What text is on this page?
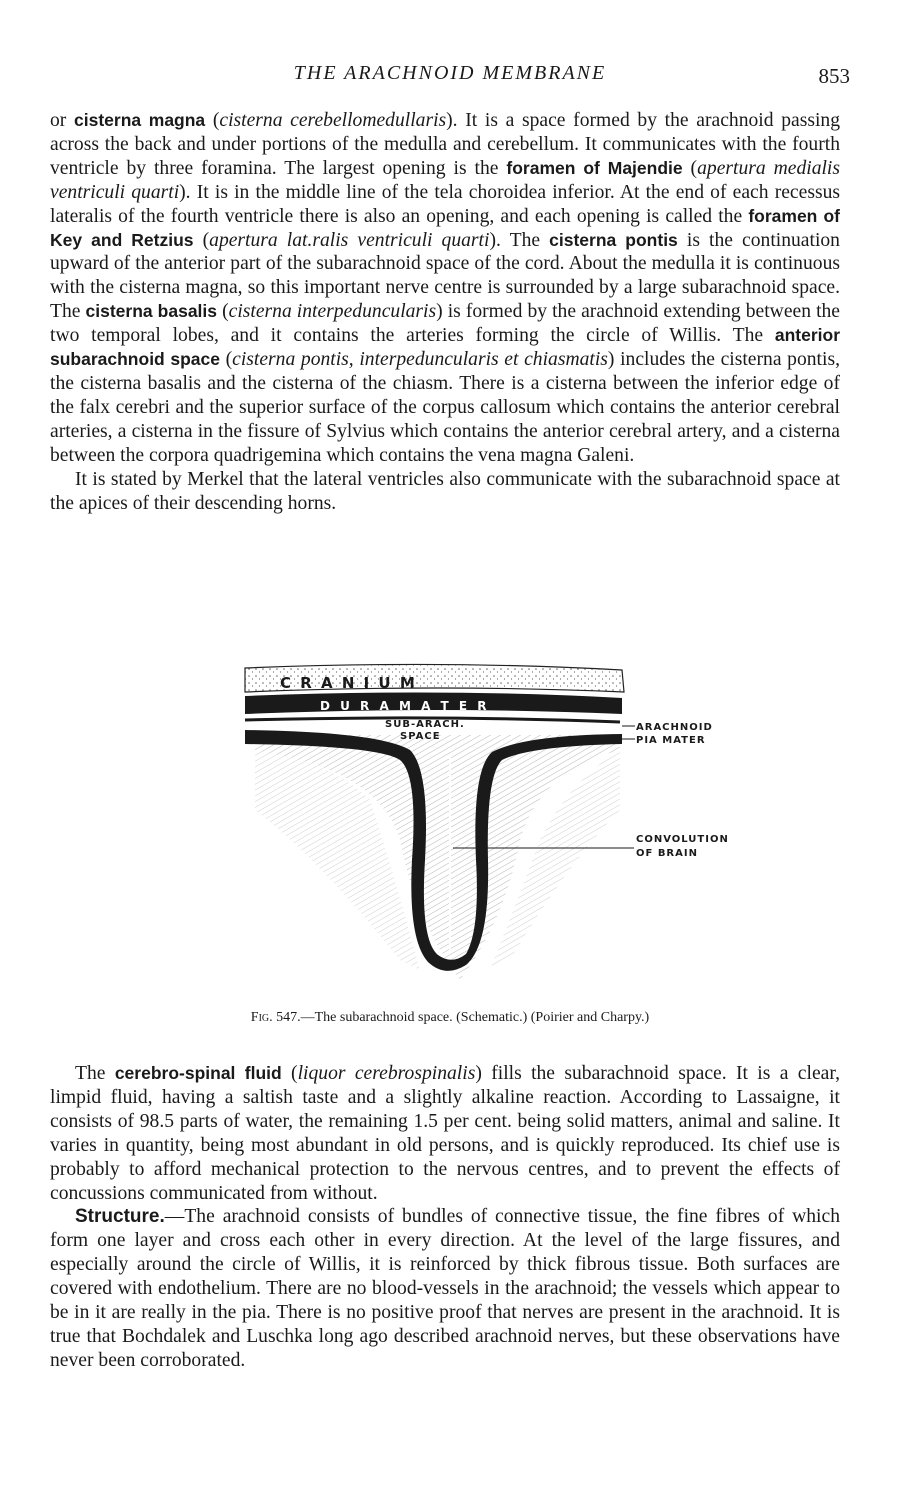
THE ARACHNOID MEMBRANE	853

or cisterna magna (cisterna cerebellomedullaris). It is a space formed by the arachnoid passing across the back and under portions of the medulla and cerebellum. It communicates with the fourth ventricle by three foramina. The largest opening is the foramen of Majendie (apertura medialis ventriculi quarti). It is in the middle line of the tela choroidea inferior. At the end of each recessus lateralis of the fourth ventricle there is also an opening, and each opening is called the foramen of Key and Retzius (apertura lat.ralis ventriculi quarti). The cisterna pontis is the continuation upward of the anterior part of the subarachnoid space of the cord. About the medulla it is continuous with the cisterna magna, so this important nerve centre is surrounded by a large subarachnoid space. The cisterna basalis (cisterna interpeduncularis) is formed by the arachnoid extending between the two temporal lobes, and it contains the arteries forming the circle of Willis. The anterior subarachnoid space (cisterna pontis, interpeduncularis et chiasmatis) includes the cisterna pontis, the cisterna basalis and the cisterna of the chiasm. There is a cisterna between the inferior edge of the falx cerebri and the superior surface of the corpus callosum which contains the anterior cerebral arteries, a cisterna in the fissure of Sylvius which contains the anterior cerebral artery, and a cisterna between the corpora quadrigemina which contains the vena magna Galeni.

It is stated by Merkel that the lateral ventricles also communicate with the subarachnoid space at the apices of their descending horns.

C R A N I U M
D U R A M A T E R
SUB-ARACH.
SPACE
ARACHNOID
PIA MATER
CONVOLUTION
OF BRAIN
Fig. 547.—The subarachnoid space. (Schematic.) (Poirier and Charpy.)

The cerebro-spinal fluid (liquor cerebrospinalis) fills the subarachnoid space. It is a clear, limpid fluid, having a saltish taste and a slightly alkaline reaction. According to Lassaigne, it consists of 98.5 parts of water, the remaining 1.5 per cent. being solid matters, animal and saline. It varies in quantity, being most abundant in old persons, and is quickly reproduced. Its chief use is probably to afford mechanical protection to the nervous centres, and to prevent the effects of concussions communicated from without.

Structure.—The arachnoid consists of bundles of connective tissue, the fine fibres of which form one layer and cross each other in every direction. At the level of the large fissures, and especially around the circle of Willis, it is reinforced by thick fibrous tissue. Both surfaces are covered with endothelium. There are no blood-vessels in the arachnoid; the vessels which appear to be in it are really in the pia. There is no positive proof that nerves are present in the arachnoid. It is true that Bochdalek and Luschka long ago described arachnoid nerves, but these observations have never been corroborated.
